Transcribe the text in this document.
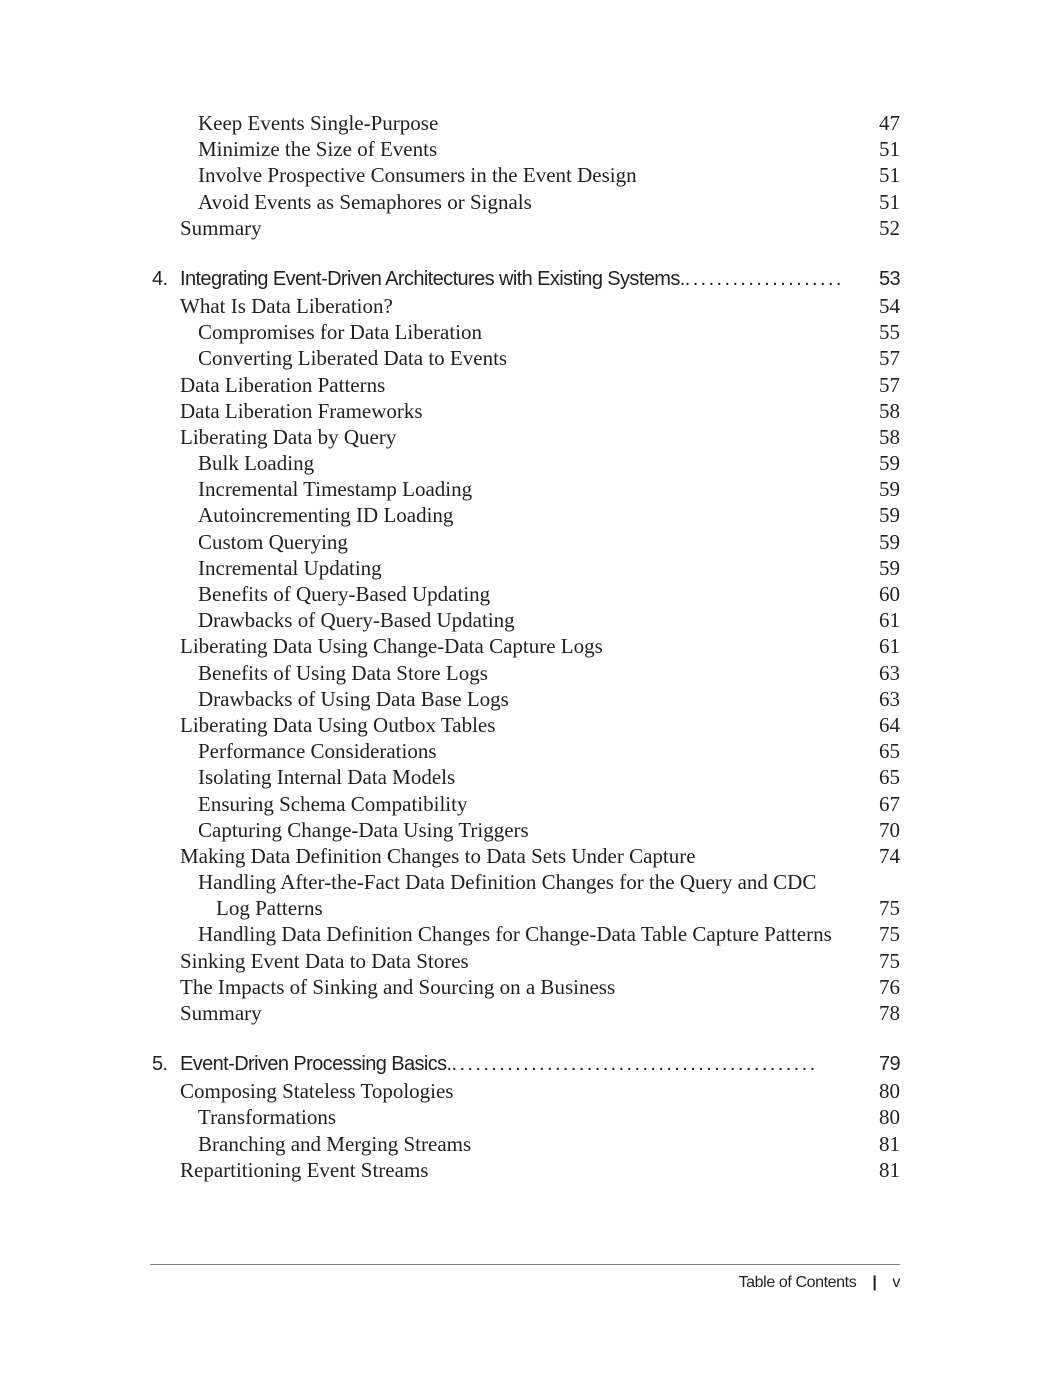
Keep Events Single-Purpose	47
Minimize the Size of Events	51
Involve Prospective Consumers in the Event Design	51
Avoid Events as Semaphores or Signals	51
Summary	52
4. Integrating Event-Driven Architectures with Existing Systems.....................	53
What Is Data Liberation?	54
Compromises for Data Liberation	55
Converting Liberated Data to Events	57
Data Liberation Patterns	57
Data Liberation Frameworks	58
Liberating Data by Query	58
Bulk Loading	59
Incremental Timestamp Loading	59
Autoincrementing ID Loading	59
Custom Querying	59
Incremental Updating	59
Benefits of Query-Based Updating	60
Drawbacks of Query-Based Updating	61
Liberating Data Using Change-Data Capture Logs	61
Benefits of Using Data Store Logs	63
Drawbacks of Using Data Base Logs	63
Liberating Data Using Outbox Tables	64
Performance Considerations	65
Isolating Internal Data Models	65
Ensuring Schema Compatibility	67
Capturing Change-Data Using Triggers	70
Making Data Definition Changes to Data Sets Under Capture	74
Handling After-the-Fact Data Definition Changes for the Query and CDC
Log Patterns	75
Handling Data Definition Changes for Change-Data Table Capture Patterns 75
Sinking Event Data to Data Stores	75
The Impacts of Sinking and Sourcing on a Business	76
Summary	78
5. Event-Driven Processing Basics...............................................	79
Composing Stateless Topologies	80
Transformations	80
Branching and Merging Streams	81
Repartitioning Event Streams	81
Table of Contents | v
